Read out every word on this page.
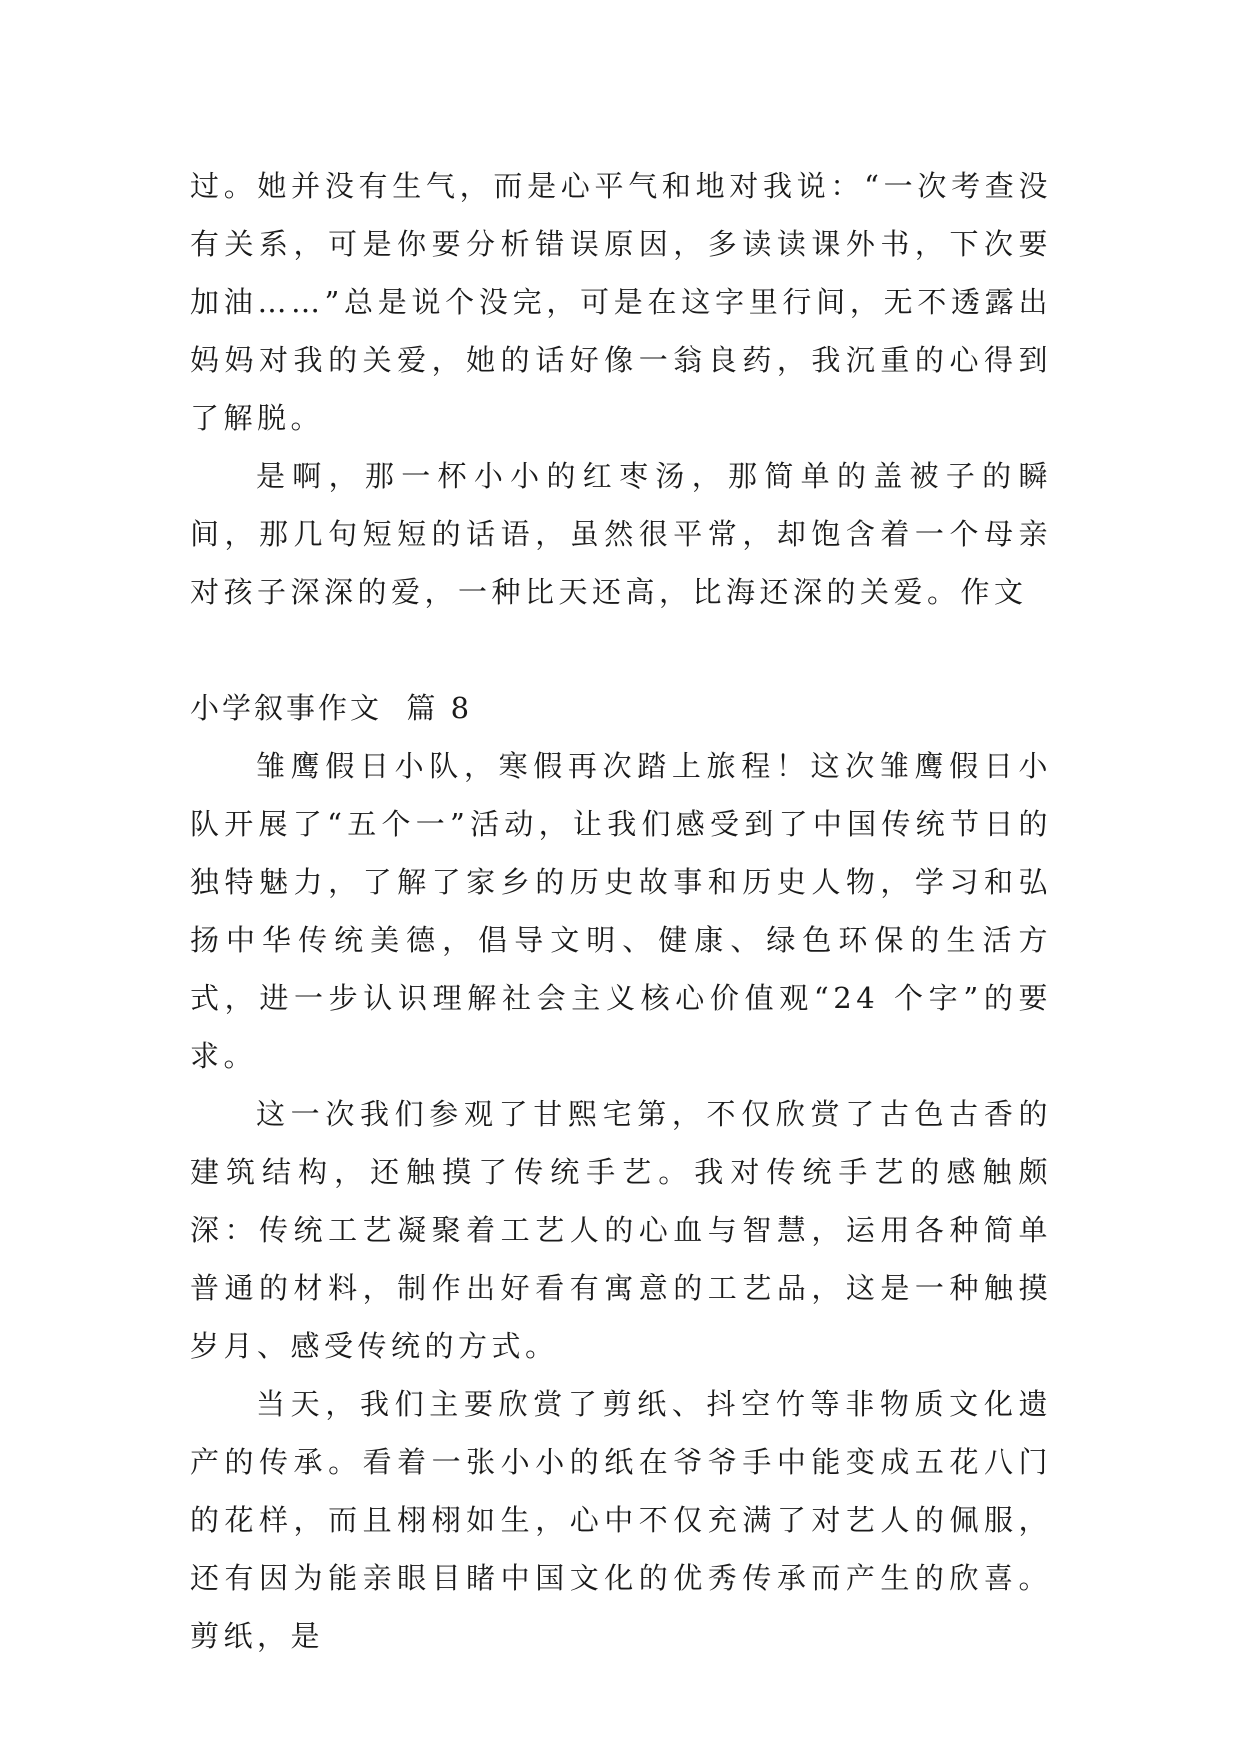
过。她并没有生气，而是心平气和地对我说：“一次考查没有关系，可是你要分析错误原因，多读读课外书，下次要加油……”总是说个没完，可是在这字里行间，无不透露出妈妈对我的关爱，她的话好像一翁良药，我沉重的心得到了解脱。

是啊，那一杯小小的红枣汤，那简单的盖被子的瞬间，那几句短短的话语，虽然很平常，却饱含着一个母亲对孩子深深的爱，一种比天还高，比海还深的关爱。作文

小学叙事作文  篇 8

雏鹰假日小队，寒假再次踏上旅程！这次雏鹰假日小队开展了“五个一”活动，让我们感受到了中国传统节日的独特魅力，了解了家乡的历史故事和历史人物，学习和弘扬中华传统美德，倡导文明、健康、绿色环保的生活方式，进一步认识理解社会主义核心价值观“24 个字”的要求。

这一次我们参观了甘熙宅第，不仅欣赏了古色古香的建筑结构，还触摸了传统手艺。我对传统手艺的感触颇深：传统工艺凝聚着工艺人的心血与智慧，运用各种简单普通的材料，制作出好看有寓意的工艺品，这是一种触摸岁月、感受传统的方式。

当天，我们主要欣赏了剪纸、抖空竹等非物质文化遗产的传承。看着一张小小的纸在爷爷手中能变成五花八门的花样，而且栩栩如生，心中不仅充满了对艺人的佩服，还有因为能亲眼目睹中国文化的优秀传承而产生的欣喜。剪纸，是
